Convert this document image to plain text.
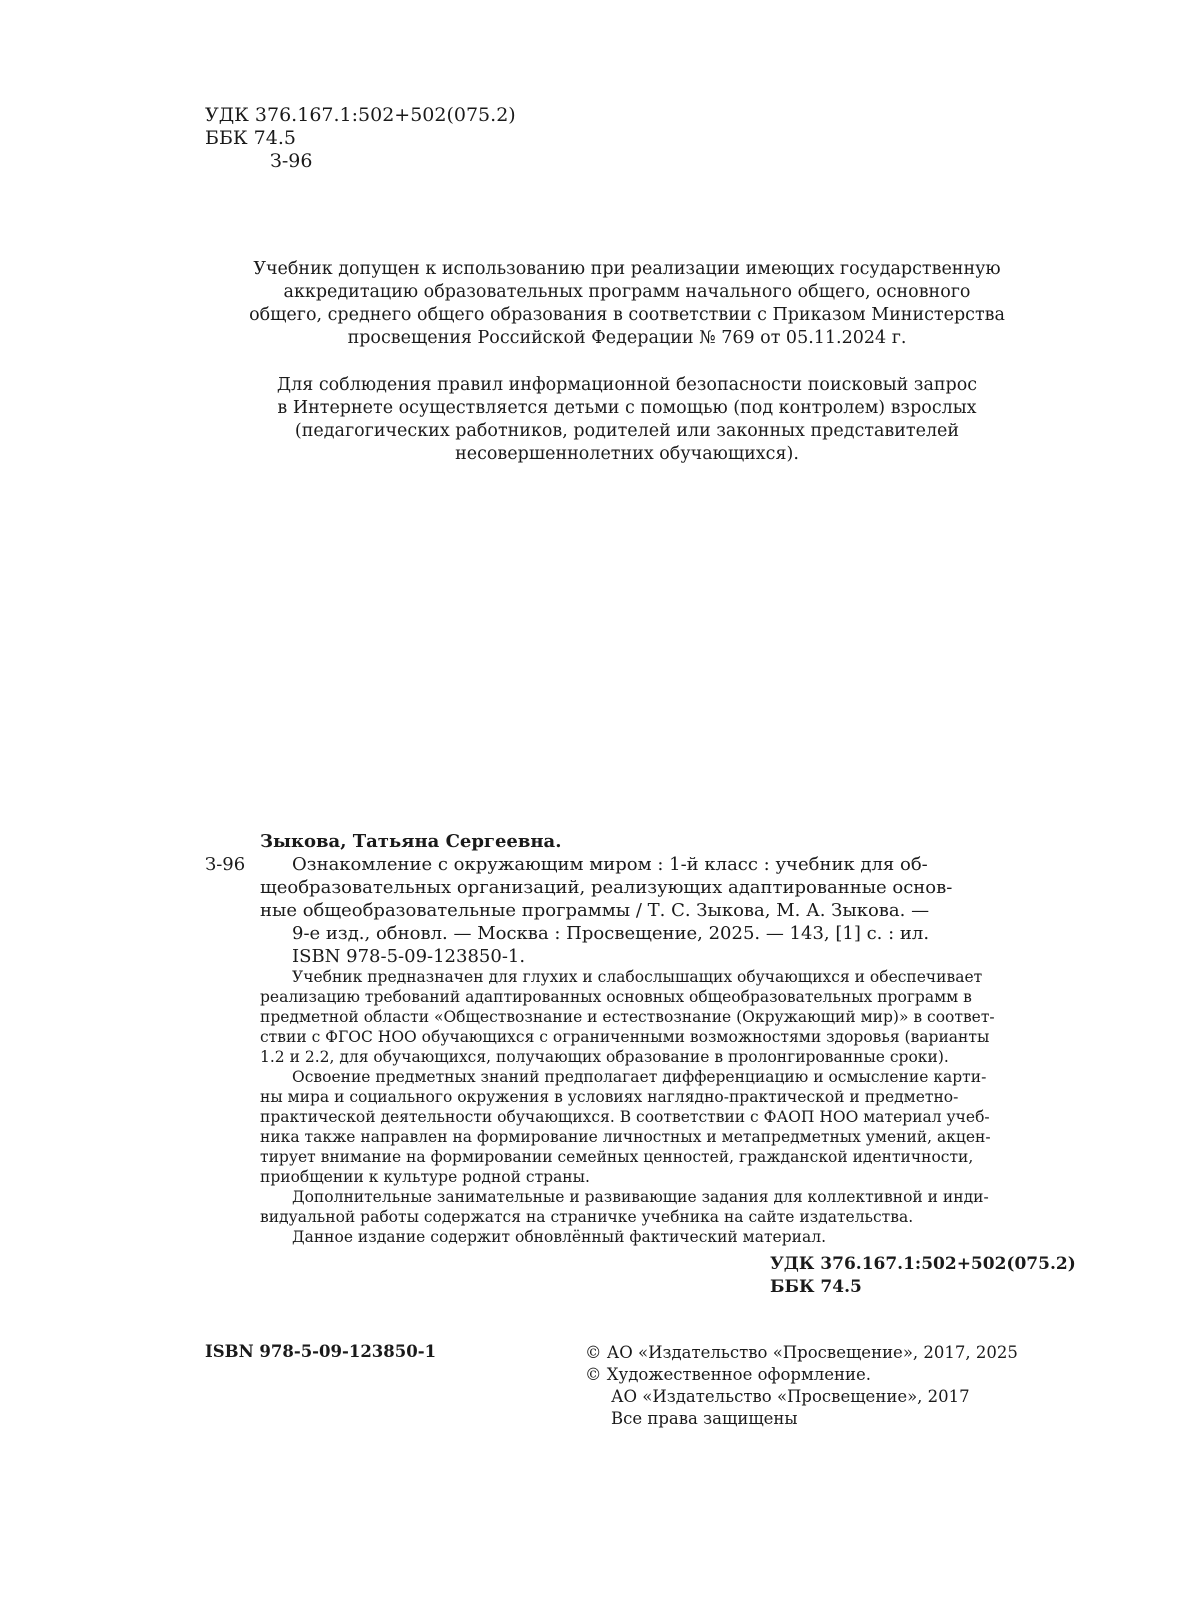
УДК 376.167.1:502+502(075.2)
ББК 74.5
З-96
Учебник допущен к использованию при реализации имеющих государственную
аккредитацию образовательных программ начального общего, основного
общего, среднего общего образования в соответствии с Приказом Министерства
просвещения Российской Федерации № 769 от 05.11.2024 г.
Для соблюдения правил информационной безопасности поисковый запрос
в Интернете осуществляется детьми с помощью (под контролем) взрослых
(педагогических работников, родителей или законных представителей
несовершеннолетних обучающихся).
Зыкова, Татьяна Сергеевна.
З-96	Ознакомление с окружающим миром : 1-й класс : учебник для об-
щеобразовательных организаций, реализующих адаптированные основ-
ные общеобразовательные программы / Т. С. Зыкова, М. А. Зыкова. —
9-е изд., обновл. — Москва : Просвещение, 2025. — 143, [1] с. : ил.
ISBN 978-5-09-123850-1.
Учебник предназначен для глухих и слабослышащих обучающихся и обеспечивает
реализацию требований адаптированных основных общеобразовательных программ в
предметной области «Обществознание и естествознание (Окружающий мир)» в соответ-
ствии с ФГОС НОО обучающихся с ограниченными возможностями здоровья (варианты
1.2 и 2.2, для обучающихся, получающих образование в пролонгированные сроки).
Освоение предметных знаний предполагает дифференциацию и осмысление карти-
ны мира и социального окружения в условиях наглядно-практической и предметно-
практической деятельности обучающихся. В соответствии с ФАОП НОО материал учеб-
ника также направлен на формирование личностных и метапредметных умений, акцен-
тирует внимание на формировании семейных ценностей, гражданской идентичности,
приобщении к культуре родной страны.
Дополнительные занимательные и развивающие задания для коллективной и инди-
видуальной работы содержатся на страничке учебника на сайте издательства.
Данное издание содержит обновлённый фактический материал.
УДК 376.167.1:502+502(075.2)
ББК 74.5
ISBN 978-5-09-123850-1	© АО «Издательство «Просвещение», 2017, 2025
© Художественное оформление.
АО «Издательство «Просвещение», 2017
Все права защищены
